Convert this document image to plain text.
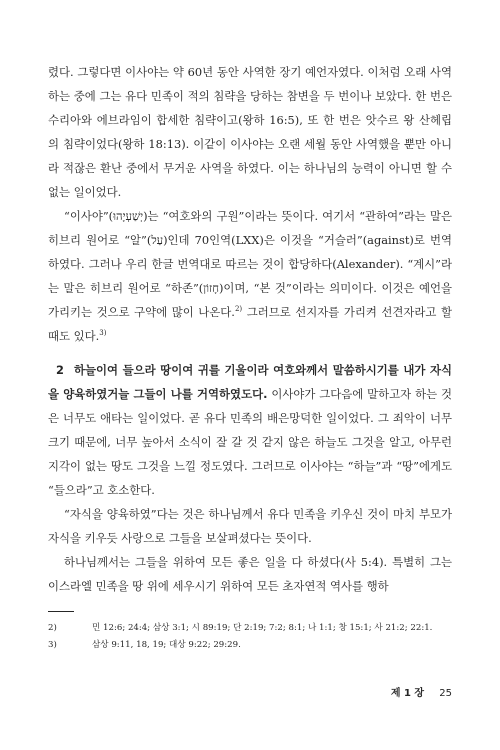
렸다. 그렇다면 이사야는 약 60년 동안 사역한 장기 예언자였다. 이처럼 오래 사역하는 중에 그는 유다 민족이 적의 침략을 당하는 참변을 두 번이나 보았다. 한 번은 수리아와 에브라임이 합세한 침략이고(왕하 16:5), 또 한 번은 앗수르 왕 산헤립의 침략이었다(왕하 18:13). 이같이 이사야는 오랜 세월 동안 사역했을 뿐만 아니라 적잖은 환난 중에서 무거운 사역을 하였다. 이는 하나님의 능력이 아니면 할 수 없는 일이었다.

“이사야”(יְשַׁעְיָהוּ)는 “여호와의 구원”이라는 뜻이다. 여기서 “관하여”라는 말은 히브리 원어로 “알”(עַל)인데 70인역(LXX)은 이것을 “거슬러”(against)로 번역하였다. 그러나 우리 한글 번역대로 따르는 것이 합당하다(Alexander). “계시”라는 말은 히브리 원어로 “하존”(חָזוֹן)이며, “본 것”이라는 의미이다. 이것은 예언을 가리키는 것으로 구약에 많이 나온다.$^{2)}$ 그러므로 선지자를 가리켜 선견자라고 할 때도 있다.$^{3)}$

2 하늘이여 들으라 땅이여 귀를 기울이라 여호와께서 말씀하시기를 내가 자식을 양육하였거늘 그들이 나를 거역하였도다. 이사야가 그다음에 말하고자 하는 것은 너무도 애타는 일이었다. 곧 유다 민족의 배은망덕한 일이었다. 그 죄악이 너무 크기 때문에, 너무 높아서 소식이 잘 갈 것 같지 않은 하늘도 그것을 알고, 아무런 지각이 없는 땅도 그것을 느낄 정도였다. 그러므로 이사야는 “하늘”과 “땅”에게도 “들으라”고 호소한다.

“자식을 양육하였”다는 것은 하나님께서 유다 민족을 키우신 것이 마치 부모가 자식을 키우듯 사랑으로 그들을 보살펴셨다는 뜻이다.

하나님께서는 그들을 위하여 모든 좋은 일을 다 하셨다(사 5:4). 특별히 그는 이스라엘 민족을 땅 위에 세우시기 위하여 모든 초자연적 역사를 행하

2)	민 12:6; 24:4; 삼상 3:1; 시 89:19; 단 2:19; 7:2; 8:1; 나 1:1; 창 15:1; 사 21:2; 22:1.
3)	삼상 9:11, 18, 19; 대상 9:22; 29:29.
제 1 장 25
